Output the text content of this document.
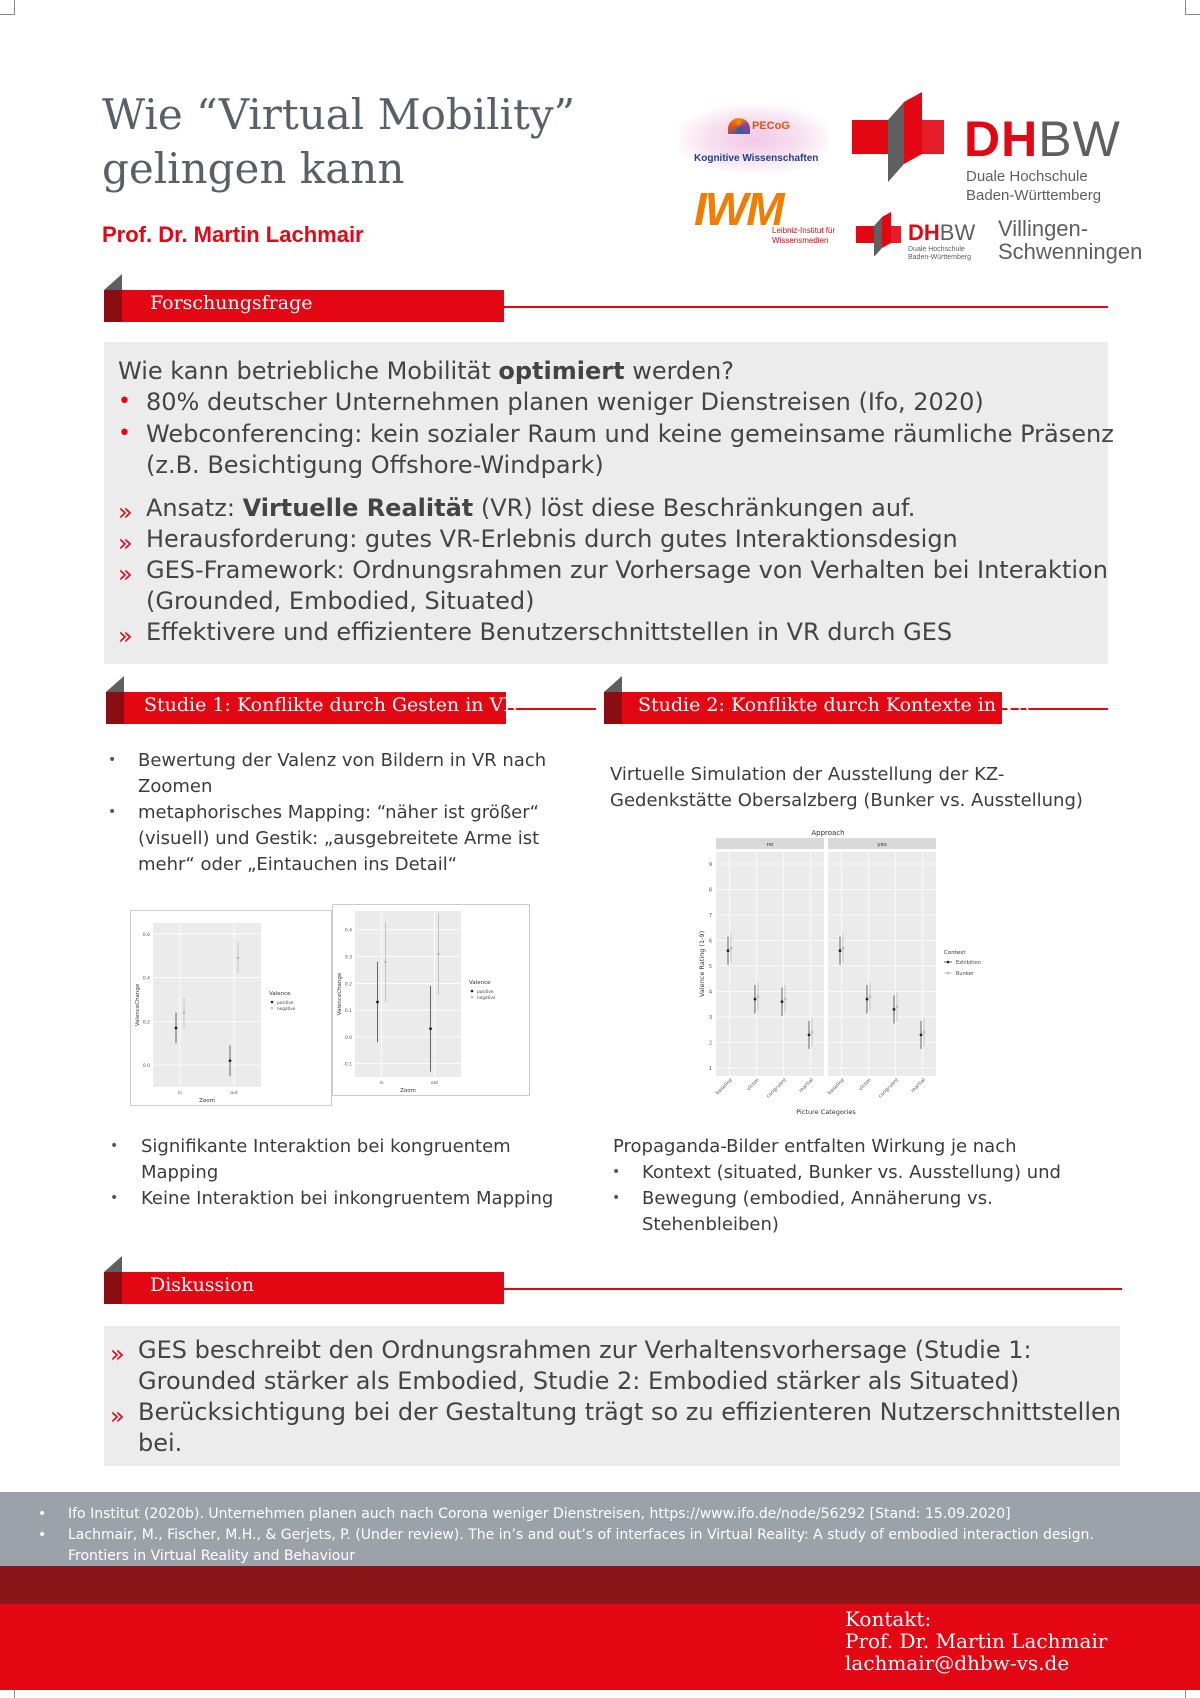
Wie “Virtual Mobility”
gelingen kann
Prof. Dr. Martin Lachmair
PECoG
Kognitive Wissenschaften	DHBW
Duale Hochschule
Baden-Württemberg
IWM
Leibniz-Institut für
Wissensmedien	DHBW
Duale Hochschule
Baden-Württemberg
Villingen-
Schwenningen
Forschungsfrage
Wie kann betriebliche Mobilität optimiert werden?
• 80% deutscher Unternehmen planen weniger Dienstreisen (Ifo, 2020)
• Webconferencing: kein sozialer Raum und keine gemeinsame räumliche Präsenz
(z.B. Besichtigung Offshore-Windpark)
» Ansatz: Virtuelle Realität (VR) löst diese Beschränkungen auf.
» Herausforderung: gutes VR-Erlebnis durch gutes Interaktionsdesign
» GES-Framework: Ordnungsrahmen zur Vorhersage von Verhalten bei Interaktion
(Grounded, Embodied, Situated)
» Effektivere und effizientere Benutzerschnittstellen in VR durch GES
Studie 1: Konflikte durch Gesten in VR	Studie 2: Konflikte durch Kontexte in VR
• Bewertung der Valenz von Bildern in VR nach
Zoomen
• metaphorisches Mapping: “näher ist größer“
(visuell) und Gestik: „ausgebreitete Arme ist
mehr“ oder „Eintauchen ins Detail“
0.0
0.2
0.4
0.6
in	out
Zoom
ValenceChange	Valence
positive
negative
-0.1
0.0
0.1
0.2
0.3
0.4
in	out
Zoom
ValenceChange	Valence
positive
negative
• Signifikante Interaktion bei kongruentem
Mapping
• Keine Interaktion bei inkongruentem Mapping
Virtuelle Simulation der Ausstellung der KZ-
Gedenkstätte Obersalzberg (Bunker vs. Ausstellung)
Approach
no
1
2
3
4
5
6
7
8
9
baseline victim congruent martial
yes
baseline victim congruent martial
Picture Categories
Valence Rating (1-9)	Context
Exhibition
Bunker
Propaganda-Bilder entfalten Wirkung je nach
• Kontext (situated, Bunker vs. Ausstellung) und
• Bewegung (embodied, Annäherung vs.
Stehenbleiben)
Diskussion
» GES beschreibt den Ordnungsrahmen zur Verhaltensvorhersage (Studie 1:
Grounded stärker als Embodied, Studie 2: Embodied stärker als Situated)
» Berücksichtigung bei der Gestaltung trägt so zu effizienteren Nutzerschnittstellen
bei.
• Ifo Institut (2020b). Unternehmen planen auch nach Corona weniger Dienstreisen, https://www.ifo.de/node/56292 [Stand: 15.09.2020]
• Lachmair, M., Fischer, M.H., & Gerjets, P. (Under review). The in’s and out’s of interfaces in Virtual Reality: A study of embodied interaction design.
Frontiers in Virtual Reality and Behaviour
Kontakt:
Prof. Dr. Martin Lachmair
lachmair@dhbw-vs.de
